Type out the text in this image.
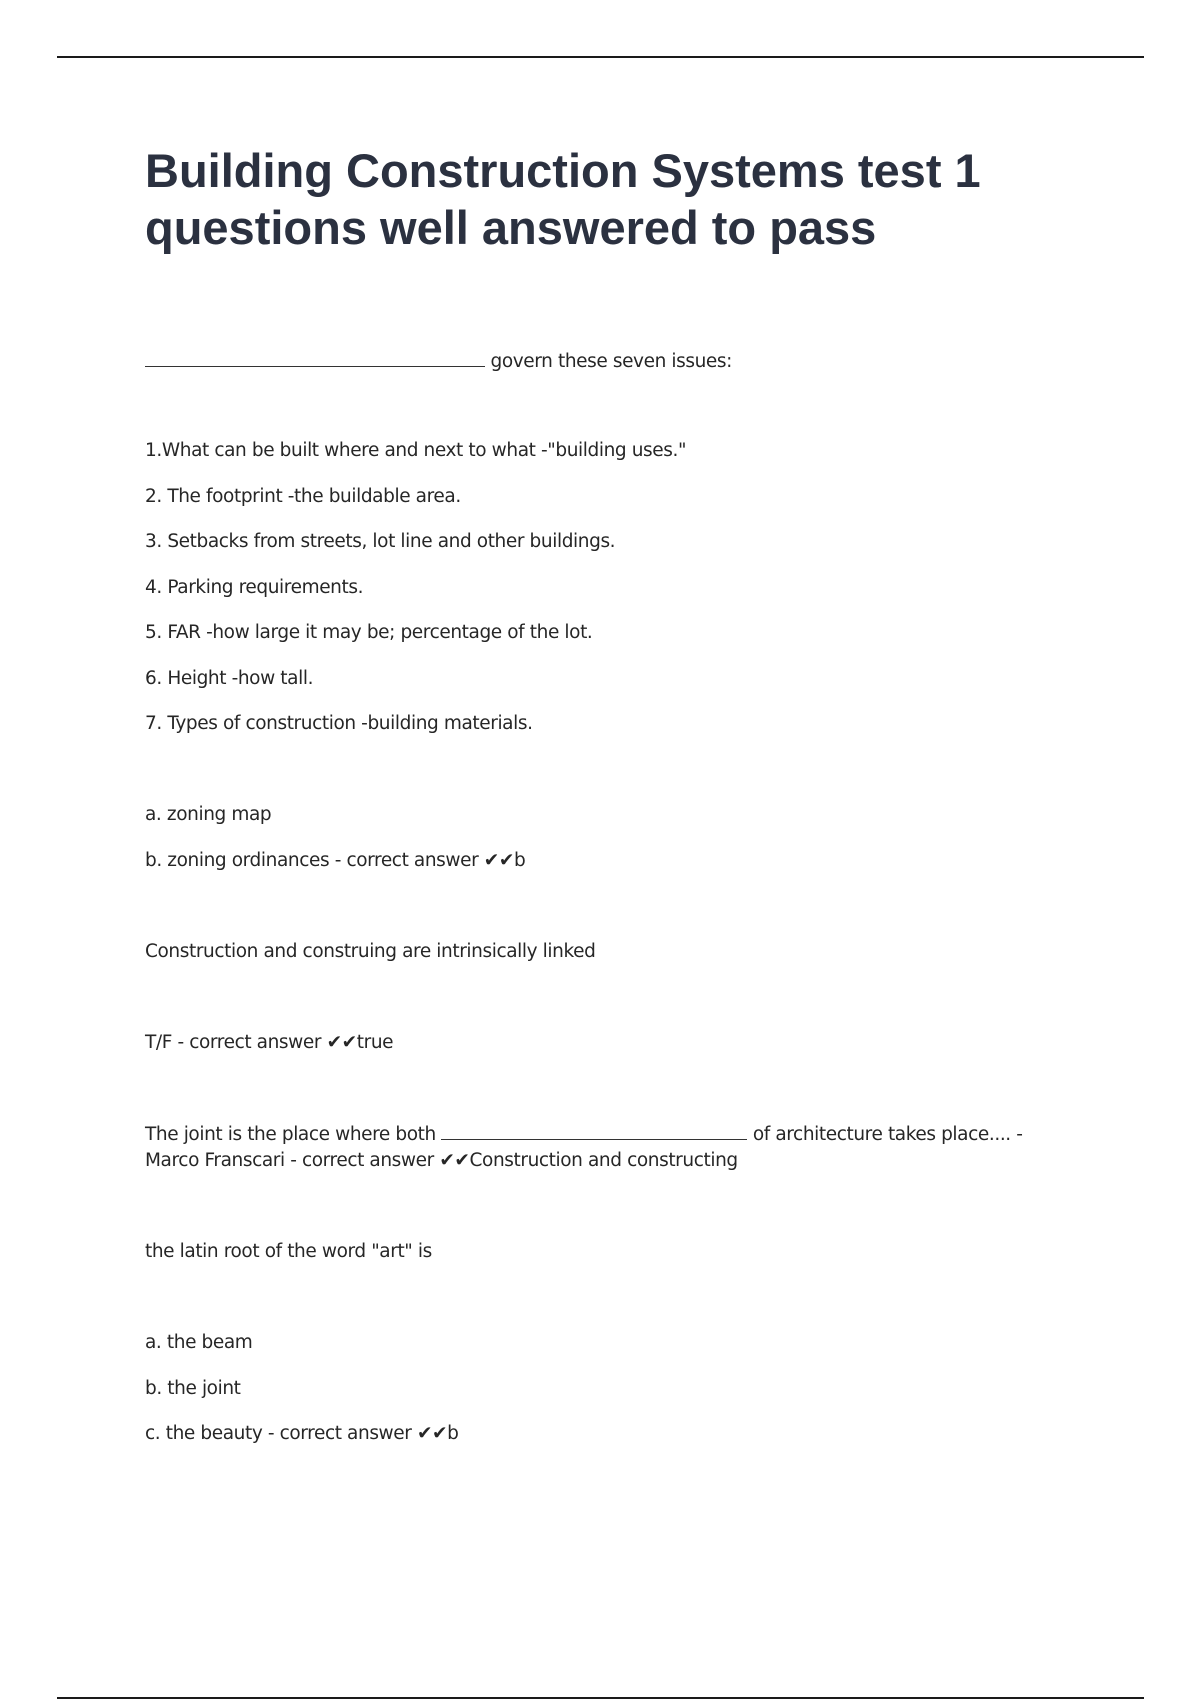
Building Construction Systems test 1 questions well answered to pass

govern these seven issues:

1.What can be built where and next to what -"building uses."

2. The footprint -the buildable area.

3. Setbacks from streets, lot line and other buildings.

4. Parking requirements.

5. FAR -how large it may be; percentage of the lot.

6. Height -how tall.

7. Types of construction -building materials.

a. zoning map

b. zoning ordinances - correct answer ✔✔b

Construction and construing are intrinsically linked

T/F - correct answer ✔✔true

The joint is the place where both	of architecture takes place.... -

Marco Franscari - correct answer ✔✔Construction and constructing

the latin root of the word "art" is

a. the beam

b. the joint

c. the beauty - correct answer ✔✔b
